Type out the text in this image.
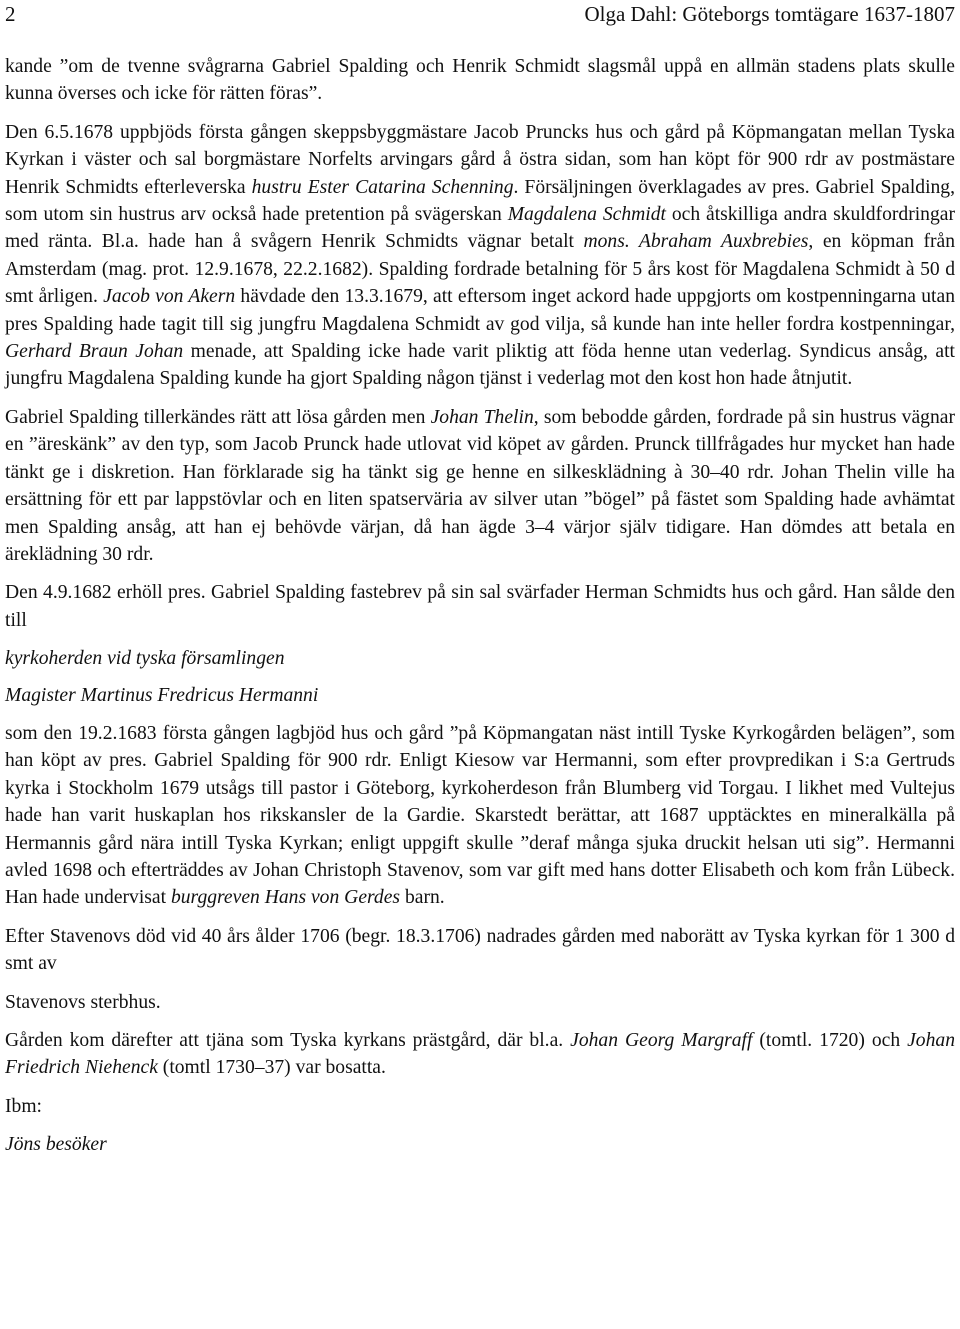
2	Olga Dahl: Göteborgs tomtägare 1637-1807

kande ”om de tvenne svågrarna Gabriel Spalding och Henrik Schmidt slagsmål uppå en allmän stadens plats skulle kunna överses och icke för rätten föras”.

Den 6.5.1678 uppbjöds första gången skeppsbyggmästare Jacob Pruncks hus och gård på Köpmangatan mellan Tyska Kyrkan i väster och sal borgmästare Norfelts arvingars gård å östra sidan, som han köpt för 900 rdr av postmästare Henrik Schmidts efterleverska hustru Ester Catarina Schenning. Försäljningen överklagades av pres. Gabriel Spalding, som utom sin hustrus arv också hade pretention på svägerskan Magdalena Schmidt och åtskilliga andra skuldfordringar med ränta. Bl.a. hade han å svågern Henrik Schmidts vägnar betalt mons. Abraham Auxbrebies, en köpman från Amsterdam (mag. prot. 12.9.1678, 22.2.1682). Spalding fordrade betalning för 5 års kost för Magdalena Schmidt à 50 d smt årligen. Jacob von Akern hävdade den 13.3.1679, att eftersom inget ackord hade uppgjorts om kostpenningarna utan pres Spalding hade tagit till sig jungfru Magdalena Schmidt av god vilja, så kunde han inte heller fordra kostpenningar, Gerhard Braun Johan menade, att Spalding icke hade varit pliktig att föda henne utan vederlag. Syndicus ansåg, att jungfru Magdalena Spalding kunde ha gjort Spalding någon tjänst i vederlag mot den kost hon hade åtnjutit.

Gabriel Spalding tillerkändes rätt att lösa gården men Johan Thelin, som bebodde gården, fordrade på sin hustrus vägnar en ”äreskänk” av den typ, som Jacob Prunck hade utlovat vid köpet av gården. Prunck tillfrågades hur mycket han hade tänkt ge i diskretion. Han förklarade sig ha tänkt sig ge henne en silkesklädning à 30–40 rdr. Johan Thelin ville ha ersättning för ett par lappstövlar och en liten spatserväria av silver utan ”bögel” på fästet som Spalding hade avhämtat men Spalding ansåg, att han ej behövde värjan, då han ägde 3–4 värjor själv tidigare. Han dömdes att betala en äreklädning 30 rdr.

Den 4.9.1682 erhöll pres. Gabriel Spalding fastebrev på sin sal svärfader Herman Schmidts hus och gård. Han sålde den till

kyrkoherden vid tyska församlingen

Magister Martinus Fredricus Hermanni

som den 19.2.1683 första gången lagbjöd hus och gård ”på Köpmangatan näst intill Tyske Kyrkogården belägen”, som han köpt av pres. Gabriel Spalding för 900 rdr. Enligt Kiesow var Hermanni, som efter provpredikan i S:a Gertruds kyrka i Stockholm 1679 utsågs till pastor i Göteborg, kyrkoherdeson från Blumberg vid Torgau. I likhet med Vultejus hade han varit huskaplan hos rikskansler de la Gardie. Skarstedt berättar, att 1687 upptäcktes en mineralkälla på Hermannis gård nära intill Tyska Kyrkan; enligt uppgift skulle ”deraf många sjuka druckit helsan uti sig”. Hermanni avled 1698 och efterträddes av Johan Christoph Stavenov, som var gift med hans dotter Elisabeth och kom från Lübeck. Han hade undervisat burggreven Hans von Gerdes barn.

Efter Stavenovs död vid 40 års ålder 1706 (begr. 18.3.1706) nadrades gården med naborätt av Tyska kyrkan för 1 300 d smt av

Stavenovs sterbhus.

Gården kom därefter att tjäna som Tyska kyrkans prästgård, där bl.a. Johan Georg Margraff (tomtl. 1720) och Johan Friedrich Niehenck (tomtl 1730–37) var bosatta.

Ibm:

Jöns besöker
